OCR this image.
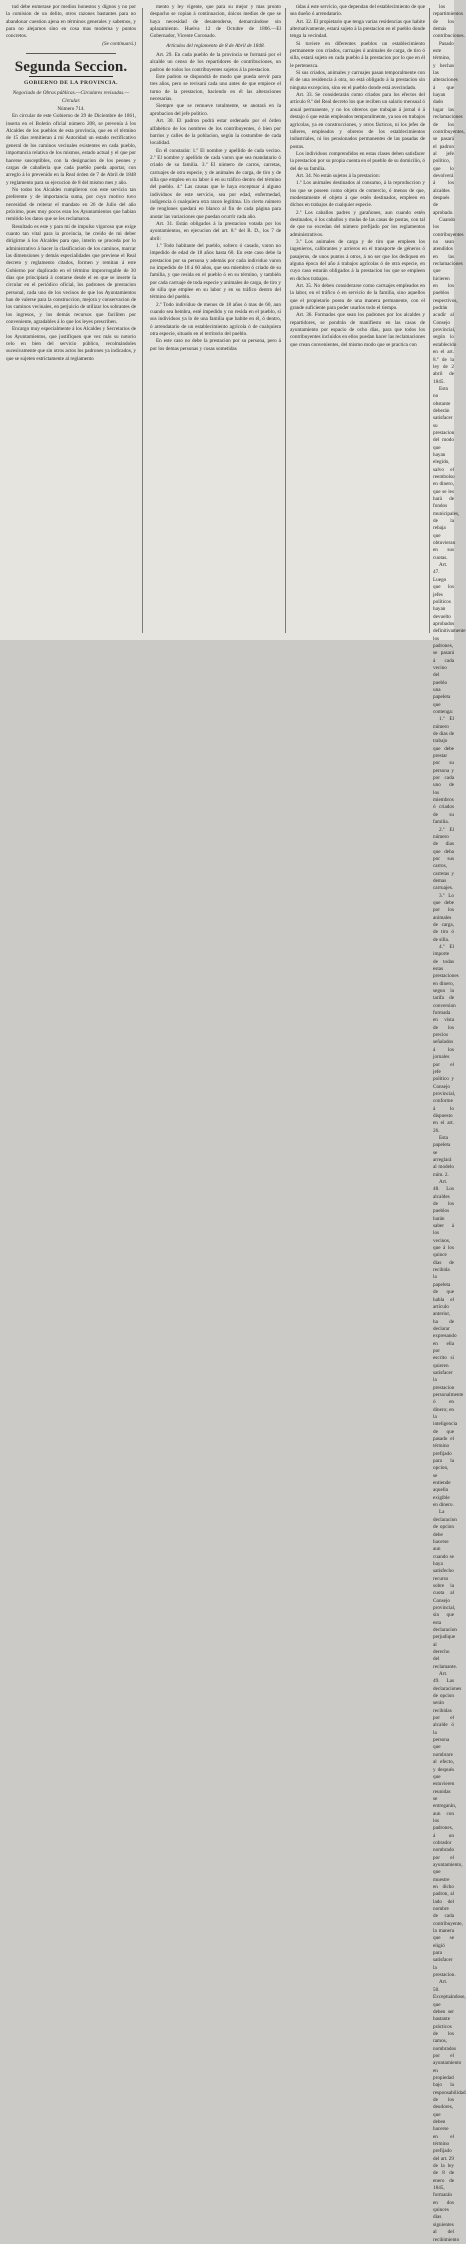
tud debe esmerase por medios honestos y dignos y no por la comision de un delito, otros razones bastantes para no abandonar cuestion ajena en términos generales y sabemos, y para no alejarnos sino en cosa mas moderna y puntos concretos.

(Se continuará.)

Segunda Seccion.
GOBIERNO DE LA PROVINCIA.

Negociado de Obras públicas.—Circulares revisadas.—Circular.

Número 714.

En circular de este Gobierno de 29 de Diciembre de 1861, inserta en el Boletin oficial número 208, se prevenía á los Alcaldes de los pueblos de esta provincia, que en el término de 15 dias remitieran á mi Autoridad un estado rectificativo general de los caminos vecinales existentes en cada pueblo, importancia relativa de los mismos, estado actual y el que por hacerse susceptibles, con la designacion de los peones y cargas de caballería que cada pueblo pueda aportar, con arreglo á lo prevenido en la Real órden de 7 de Abril de 1848 y reglamento para su ejecucion de 8 del mismo mes y año.

No todos los Alcaldes cumplieron con este servicio tan preferente y de importancia suma, por cuyo motivo tuvo necesidad de reiterar el mandato en 26 de Julio del año próximo, pues muy pocos eran los Ayuntamientos que habian remitido los datos que se les reclamaron.

Resultado es este y para mí de impulso vigoroso que exige cuanto tan vital para la provincia, he creído de mi deber dirigirme á los Alcaldes para que, interin se proceda por lo administrativo á hacer la clasificacion de los caminos, marcar las dimensiones y demás especialidades que previene el Real decreto y reglamento citados, formen y remitan á este Gobierno por duplicado en el término improrrogable de 30 dias que principiará á contarse desde el en que se inserte la circular en el periódico oficial, los padrones de prestacion personal, cada uno de los vecinos de que los Ayuntamientos han de valerse para la construccion, mejora y conservacion de los caminos vecinales, en perjuicio de utilizar los sobrantes de los ingresos, y los demás recursos que faciliten por conveniente, agradables á lo que los leyes prescriben.

Encargo muy especialmente á los Alcaldes y Secretarios de los Ayuntamientos, que justifiquen que vez más su notorio celo en bien del servicio público, recolmándoles sucesivamente que sin otros actos los padrones ya indicados, y que se sujeten estrictamente al reglamento

mento y ley vigente, que para su mejor y mas pronto despacho se copian á continuacion, únicos medios de que se haya necesidad de desatenderse, demarcándose sin aplazamiento. Huelva 12 de Octubre de 1866.—El Gobernador, Vicente Coronado.

Artículos del reglamento de 8 de Abril de 1848.

Art. 29. En cada pueblo de la provincia se formará por el alcalde un censo de los repartidores de contribuciones, un padron de todos los contribuyentes sujetos á la prestacion.

Este padron se dispondrá de modo que pueda servir para tres años, pero se revisará cada uno antes de que empiece el turno de la prestacion, haciendo en él las alteraciones necesarias.

Siempre que se remueve totalmente, se anotará en la aprobacion del jefe político.

Art. 30. El padron podrá estar ordenado por el órden alfabético de los nombres de los contribuyentes, ó bien por barrios y calles de la poblacion, según la costumbre de cada localidad.

En él constarán: 1.º El nombre y apellido de cada vecino. 2.º El nombre y apellido de cada varon que sea mandatario ó criado de su familia. 3.º El número de carros, carretas, carruajes de otra especie, y de animales de carga, de tiro y de silla que empleo en su labor ó en su tráfico dentro del término del pueblo. 4.º Las causas que le haya exceptuar á alguno individuos de este servicio, sea por edad, enfermedad, indigencia ó cualquiera otra razon legítima. Un cierto número de renglones quedará en blanco al fin de cada página para anotar las variaciones que puedan ocurrir cada año.

Art. 31. Están obligados á la prestacion votada por los ayuntamientos, en ejecucion del art. 8.º del R. D., los 7 de abril:

1.º Todo habitante del pueblo, soltero ó casado, varon no impedido de edad de 18 años hasta 60. En este caso debe la prestacion por su persona y además por cada individuo varon no impedido de 18 á 60 años, que sea miembro ó criado de su familia, y que resida en el pueblo ó en su término, y también por cada carruaje de toda especie y animales de carga, de tiro y de silla que emplee en su labor y en su tráfico dentro del término del pueblo.

2.º Todo individuo de menos de 18 años ó mas de 60, aun cuando sea hembra, esté impedido y no resida en el pueblo, si sus individuos ya lo de una familia que habite en él, ó dentro, ó arrendatario de un establecimiento agrícola ó de cualquiera otra especie, situado en el territorio del pueblo.

En este caso no debe la prestacion por su persona, pero á por los demas personas y cosas sometidas

tidas á este servicio, que dependan del establecimiento de que sea dueño ó arrendatario.

Art. 32. El propietario que tenga varias residencias que habite alternativamente, estará sujeto á la prestacion en el pueblo donde tenga la vecindad.

Si tuviere en diferentes pueblos un establecimiento permanente con criados, carruajes ó animales de carga, de tiro ó silla, estará sujeto en cada pueblo á la prestacion por lo que en él le pertenezca.

Si sus criados, animales y carruajes pasan temporalmente con él de una residencia á otra, no está obligado á la prestacion sin ninguna excepcion, sino en el pueblo donde está avecindado.

Art. 33. Se considerarán como criados para los efectos del artículo 8.º del Real decreto los que reciben un salario mensual ó anual permanente, y no los obreros que trabajan á jornal ó á destajo ó que están empleados temporalmente, ya sea en trabajos agrícolas, ya en construcciones, y otros fácticos, ni los jefes de talleres, empleados y obreros de los establecimientos industriales, ni los pensionados permanentes de las pasadas de postas.

Los individuos comprendidos en estas clases deben satisfacer la prestacion por su propia cuenta en el pueblo de su domicilio, ó del de su familia.

Art. 34. No están sujetos á la prestacion:

1.º Los animales destinados al consumo, á la reproduccion y los que se poseen como objeto de comercio, ó menos de que, modestamente el objeto á que estén destinados, empleen en dichos en trabajos de cualquier especie.

2.º Los caballos padres y garañones, aun cuando estén destinados, ó los caballos y mulas de las casas de postas, con tal de que no excedan del número prefijado por los reglamentos administrativos.

3.º Los animales de carga y de tiro que empleen los ingenieros, calibrantes y arrieros en el transporte de géneros ó pasajeros, de unos puntos á otros, á no ser que los dediquen en alguna época del año á trabajos agrícolas ó de otra especie, en cuyo caso estarán obligados á la prestacion los que se empleen en dichos trabajos.

Art. 35. No deben considerarse como carruajes empleados en la labor, en el tráfico ó en servicio de la familia, sino aquellos que el propietario posea de una manera permanente, con el grande suficiente para poder usarlos todo el tiempo.

Art. 36. Formados que sean los padrones por los alcaldes y repartidores, se pondrán de manifiesto en las casas de ayuntamiento por espacio de ocho días, para que todos los contribuyentes incluidos en ellos puedan hacer las reclamaciones que crean convenientes, del mismo modo que se practica con

los repartimientos de los demás contribuciones.

Pasado este término, y hechas las alteraciones á que hayan dado lugar las reclamaciones de los contribuyentes, se pasará el padron al jefe político, que lo devolverá á los alcaldes después de aprobado.

Cuando los contribuyentes no sean atendidos en las reclamaciones que hicieren en los pueblos respectivos, podrán acudir al Consejo provincial, según lo establecido en el art. 8.º de la ley de 2 abril de 1845.

Esto no obstante deberán satisfacer su prestacion del modo que hayan elegido, salvo el reembolso en dinero, que se les hará de fondos municipales, de la rebaja que obtuvieran en sus cuotas.

Art. 47. Luego que los jefes políticos hayan devuelto aprobados definitivamente los padrones, se pasará á cada vecino del pueblo una papeleta que contenga:

1.º El número de dias de trabajo que debe prestar por su persona y por cada uno de los miembros ó criados de su familia.

2.º El número de dias que deba por sus carros, carretas y demas carruajes.

3.º Lo que debe por los animales de carga, de tiro ó de silla.

4.º El importe de todas estas prestaciones en dinero, segun la tarifa de conversion formada en vista de los precios señalados á los jornales por el jefe político y Consejo provincial, conforme á lo dispuesto en el art. 26.

Esta papeleta se arreglará al modelo núm. 2.

Art. 48. Los alcaldes de los pueblos harán saber á los vecinos, que á los quince días de recibida la papeleta de que habla el artículo anterior, ha de declarar expresando en ella por escrito si quieren satisfacer la prestacion personalmente ó en dinero; en la inteligencia de que pasado el término prefijado para la opcion, se entiende aquella exigible en dinero.

La declaracion de opcion debe hacerse aun cuando se haya satisfecho recurso sobre la cuota al Consejo provincial, sin que esta declaracion perjudique al derecho del reclamante.

Art. 49. Las declaraciones de opcion serán recibidas por el alcalde ó la persona que nombrare al efecto, y después que estuvieren reunidas se entregarán, aun con los padrones, á un cobrador nombrado por el ayuntamiento, que muestre en dicho padron, al lado del nombre de cada contribuyente, la manera que se eligió para satisfacer la prestacion.

Art. 50. Exceptuándose, que deben ser bastante prácticos de los ramos, nombrados por el ayuntamiento en propiedad bajo la responsabilidad de los deudores, que deben hacerse en el término prefijado del art. 29 de la ley de 8 de enero de 1845, formarán en dos quinces días siguientes al del recibimiento
